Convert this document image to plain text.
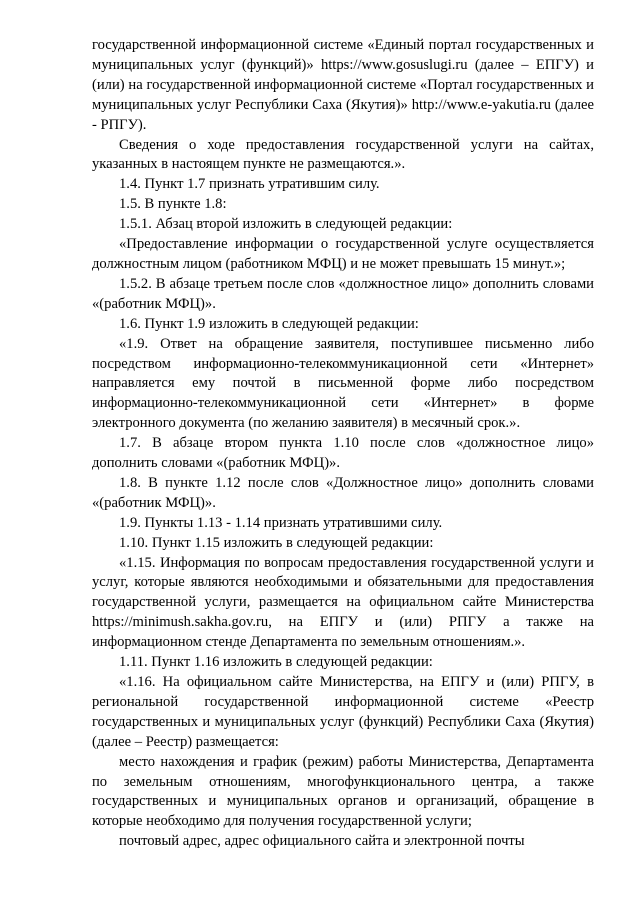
государственной информационной системе «Единый портал государственных и муниципальных услуг (функций)» https://www.gosuslugi.ru (далее – ЕПГУ) и (или) на государственной информационной системе «Портал государственных и муниципальных услуг Республики Саха (Якутия)» http://www.e-yakutia.ru (далее - РПГУ).

Сведения о ходе предоставления государственной услуги на сайтах, указанных в настоящем пункте не размещаются.».

1.4. Пункт 1.7 признать утратившим силу.

1.5. В пункте 1.8:

1.5.1. Абзац второй изложить в следующей редакции:

«Предоставление информации о государственной услуге осуществляется должностным лицом (работником МФЦ) и не может превышать 15 минут.»;

1.5.2. В абзаце третьем после слов «должностное лицо» дополнить словами «(работник МФЦ)».

1.6. Пункт 1.9 изложить в следующей редакции:

«1.9. Ответ на обращение заявителя, поступившее письменно либо посредством информационно-телекоммуникационной сети «Интернет» направляется ему почтой в письменной форме либо посредством информационно-телекоммуникационной сети «Интернет» в форме электронного документа (по желанию заявителя) в месячный срок.».

1.7. В абзаце втором пункта 1.10 после слов «должностное лицо» дополнить словами «(работник МФЦ)».

1.8. В пункте 1.12 после слов «Должностное лицо» дополнить словами «(работник МФЦ)».

1.9. Пункты 1.13 - 1.14 признать утратившими силу.

1.10. Пункт 1.15 изложить в следующей редакции:

«1.15. Информация по вопросам предоставления государственной услуги и услуг, которые являются необходимыми и обязательными для предоставления государственной услуги, размещается на официальном сайте Министерства https://minimush.sakha.gov.ru, на ЕПГУ и (или) РПГУ а также на информационном стенде Департамента по земельным отношениям.».

1.11. Пункт 1.16 изложить в следующей редакции:

«1.16. На официальном сайте Министерства, на ЕПГУ и (или) РПГУ, в региональной государственной информационной системе «Реестр государственных и муниципальных услуг (функций) Республики Саха (Якутия) (далее – Реестр) размещается:

место нахождения и график (режим) работы Министерства, Департамента по земельным отношениям, многофункционального центра, а также государственных и муниципальных органов и организаций, обращение в которые необходимо для получения государственной услуги;

почтовый адрес, адрес официального сайта и электронной почты
